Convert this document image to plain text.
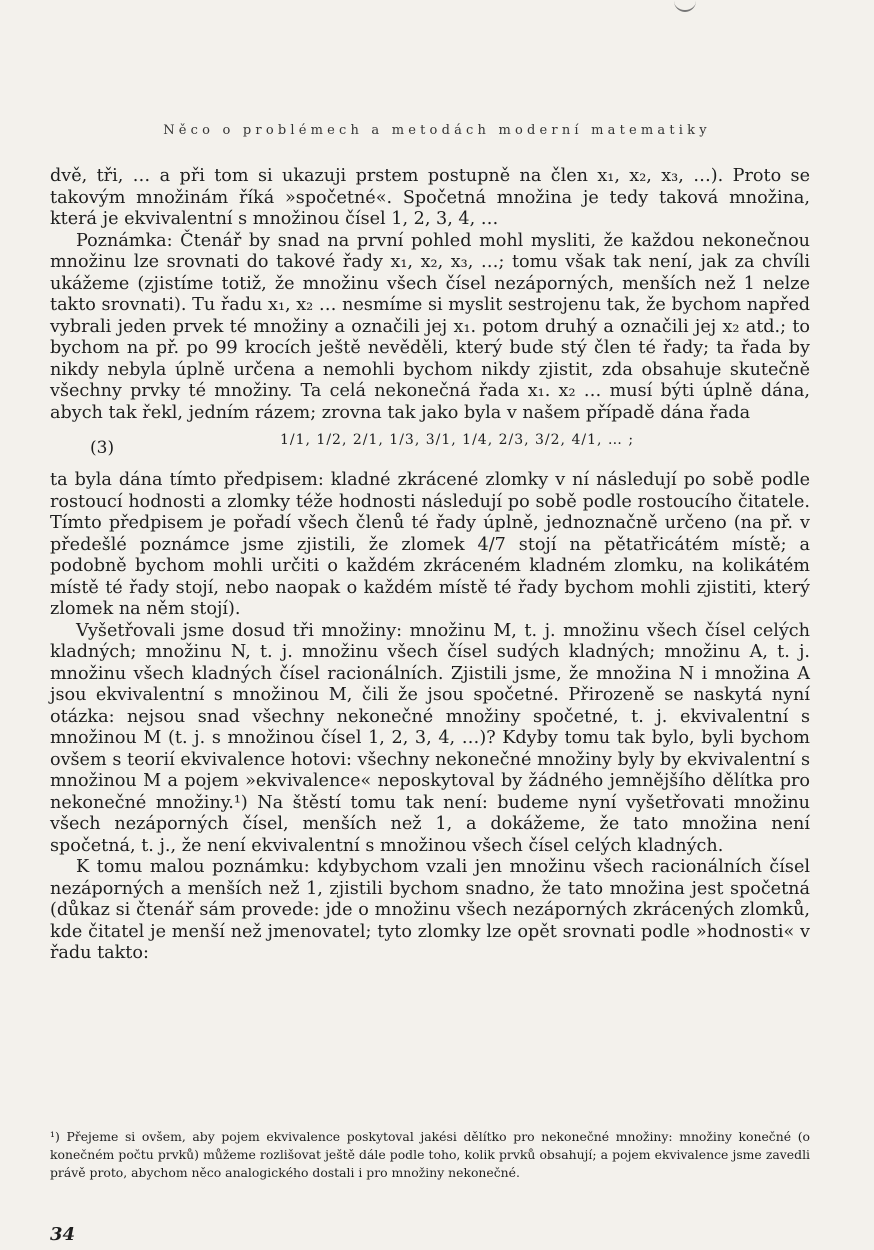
Něco o problémech a metodách moderní matematiky

dvě, tři, … a při tom si ukazuji prstem postupně na člen x₁, x₂, x₃, …). Proto se takovým množinám říká »spočetné«. Spočetná množina je tedy taková množina, která je ekvivalentní s množinou čísel 1, 2, 3, 4, …

Poznámka: Čtenář by snad na první pohled mohl mysliti, že každou nekonečnou množinu lze srovnati do takové řady x₁, x₂, x₃, …; tomu však tak není, jak za chvíli ukážeme (zjistíme totiž, že množinu všech čísel nezáporných, menších než 1 nelze takto srovnati). Tu řadu x₁, x₂ … nesmíme si myslit sestrojenu tak, že bychom napřed vybrali jeden prvek té množiny a označili jej x₁. potom druhý a označili jej x₂ atd.; to bychom na př. po 99 krocích ještě nevěděli, který bude stý člen té řady; ta řada by nikdy nebyla úplně určena a nemohli bychom nikdy zjistit, zda obsahuje skutečně všechny prvky té množiny. Ta celá nekonečná řada x₁. x₂ … musí býti úplně dána, abych tak řekl, jedním rázem; zrovna tak jako byla v našem případě dána řada

(3)	1/1, 1/2, 2/1, 1/3, 3/1, 1/4, 2/3, 3/2, 4/1, … ;

ta byla dána tímto předpisem: kladné zkrácené zlomky v ní následují po sobě podle rostoucí hodnosti a zlomky téže hodnosti následují po sobě podle rostoucího čitatele. Tímto předpisem je pořadí všech členů té řady úplně, jednoznačně určeno (na př. v předešlé poznámce jsme zjistili, že zlomek 4/7 stojí na pětatřicátém místě; a podobně bychom mohli určiti o každém zkráceném kladném zlomku, na kolikátém místě té řady stojí, nebo naopak o každém místě té řady bychom mohli zjistiti, který zlomek na něm stojí).

Vyšetřovali jsme dosud tři množiny: množinu M, t. j. množinu všech čísel celých kladných; množinu N, t. j. množinu všech čísel sudých kladných; množinu A, t. j. množinu všech kladných čísel racionálních. Zjistili jsme, že množina N i množina A jsou ekvivalentní s množinou M, čili že jsou spočetné. Přirozeně se naskytá nyní otázka: nejsou snad všechny nekonečné množiny spočetné, t. j. ekvivalentní s množinou M (t. j. s množinou čísel 1, 2, 3, 4, …)? Kdyby tomu tak bylo, byli bychom ovšem s teorií ekvivalence hotovi: všechny nekonečné množiny byly by ekvivalentní s množinou M a pojem »ekvivalence« neposkytoval by žádného jemnějšího dělítka pro nekonečné množiny.¹) Na štěstí tomu tak není: budeme nyní vyšetřovati množinu všech nezáporných čísel, menších než 1, a dokážeme, že tato množina není spočetná, t. j., že není ekvivalentní s množinou všech čísel celých kladných.

K tomu malou poznámku: kdybychom vzali jen množinu všech racionálních čísel nezáporných a menších než 1, zjistili bychom snadno, že tato množina jest spočetná (důkaz si čtenář sám provede: jde o množinu všech nezáporných zkrácených zlomků, kde čitatel je menší než jmenovatel; tyto zlomky lze opět srovnati podle »hodnosti« v řadu takto:

¹) Přejeme si ovšem, aby pojem ekvivalence poskytoval jakési dělítko pro nekonečné množiny: množiny konečné (o konečném počtu prvků) můžeme rozlišovat ještě dále podle toho, kolik prvků obsahují; a pojem ekvivalence jsme zavedli právě proto, abychom něco analogického dostali i pro množiny nekonečné.
34
